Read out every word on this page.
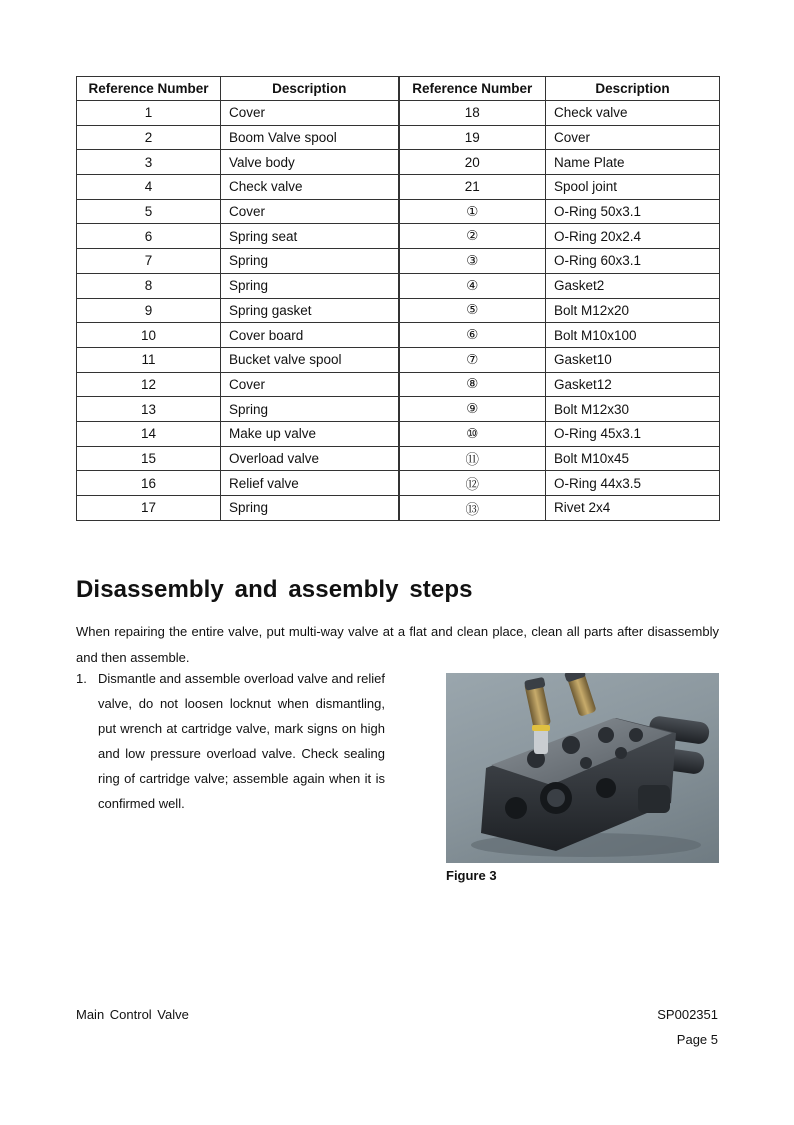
Reference Number	Description	Reference Number	Description
1	Cover	18	Check valve
2	Boom Valve spool	19	Cover
3	Valve body	20	Name Plate
4	Check valve	21	Spool joint
5	Cover	①	O-Ring 50x3.1
6	Spring seat	②	O-Ring 20x2.4
7	Spring	③	O-Ring 60x3.1
8	Spring	④	Gasket2
9	Spring gasket	⑤	Bolt M12x20
10	Cover board	⑥	Bolt M10x100
11	Bucket valve spool	⑦	Gasket10
12	Cover	⑧	Gasket12
13	Spring	⑨	Bolt M12x30
14	Make up valve	⑩	O-Ring 45x3.1
15	Overload valve	⑪	Bolt M10x45
16	Relief valve	⑫	O-Ring 44x3.5
17	Spring	⑬	Rivet 2x4
Disassembly and assembly steps

When repairing the entire valve, put multi-way valve at a flat and clean place, clean all parts after disassembly and then assemble.

1. Dismantle and assemble overload valve and relief valve, do not loosen locknut when dismantling, put wrench at cartridge valve, mark signs on high and low pressure overload valve. Check sealing ring of cartridge valve; assemble again when it is confirmed well.
Figure 3
Main Control Valve	SP002351
Page 5
